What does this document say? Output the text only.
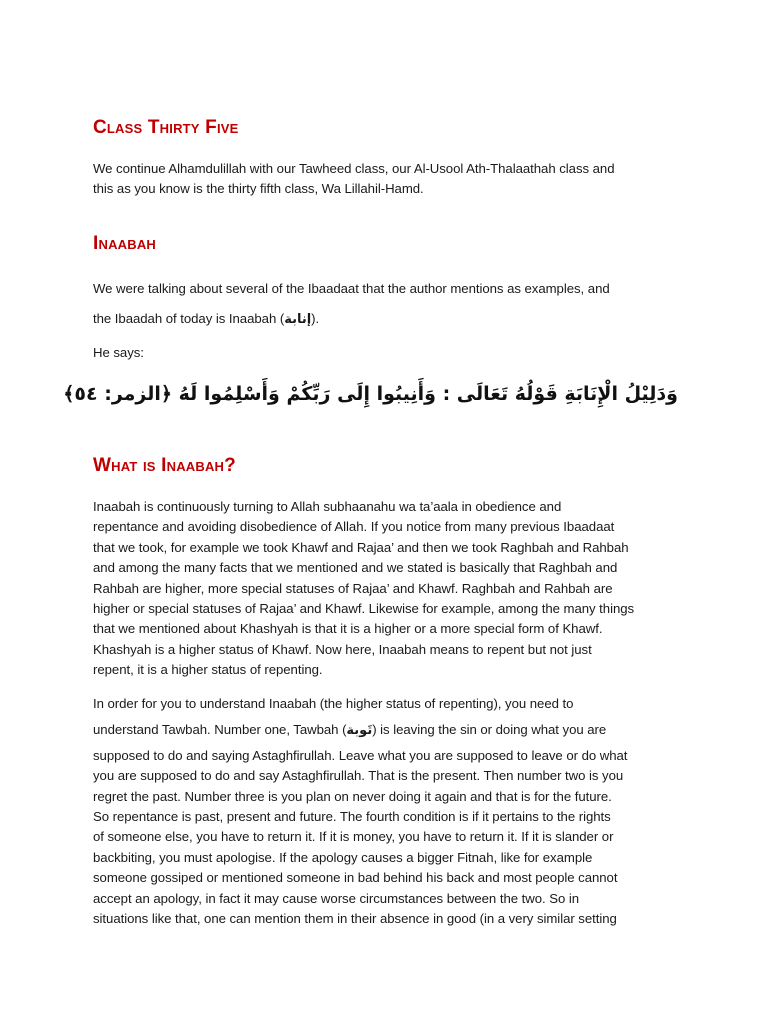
Class Thirty Five

We continue Alhamdulillah with our Tawheed class, our Al-Usool Ath-Thalaathah class and
this as you know is the thirty fifth class, Wa Lillahil-Hamd.

Inaabah

We were talking about several of the Ibaadaat that the author mentions as examples, and
the Ibaadah of today is Inaabah (إنابة).

He says:

وَدَلِيْلُ الْإِنَابَةِ قَوْلُهُ تَعَالَى : وَأَنِيبُوا إِلَى رَبِّكُمْ وَأَسْلِمُوا لَهُ ﴿الزمر: ٥٤﴾
What is Inaabah?

Inaabah is continuously turning to Allah subhaanahu wa ta’aala in obedience and
repentance and avoiding disobedience of Allah. If you notice from many previous Ibaadaat
that we took, for example we took Khawf and Rajaa’ and then we took Raghbah and Rahbah
and among the many facts that we mentioned and we stated is basically that Raghbah and
Rahbah are higher, more special statuses of Rajaa’ and Khawf. Raghbah and Rahbah are
higher or special statuses of Rajaa’ and Khawf. Likewise for example, among the many things
that we mentioned about Khashyah is that it is a higher or a more special form of Khawf.
Khashyah is a higher status of Khawf. Now here, Inaabah means to repent but not just
repent, it is a higher status of repenting.

In order for you to understand Inaabah (the higher status of repenting), you need to
understand Tawbah. Number one, Tawbah (تَوبة) is leaving the sin or doing what you are
supposed to do and saying Astaghfirullah. Leave what you are supposed to leave or do what
you are supposed to do and say Astaghfirullah. That is the present. Then number two is you
regret the past. Number three is you plan on never doing it again and that is for the future.
So repentance is past, present and future. The fourth condition is if it pertains to the rights
of someone else, you have to return it. If it is money, you have to return it. If it is slander or
backbiting, you must apologise. If the apology causes a bigger Fitnah, like for example
someone gossiped or mentioned someone in bad behind his back and most people cannot
accept an apology, in fact it may cause worse circumstances between the two. So in
situations like that, one can mention them in their absence in good (in a very similar setting
